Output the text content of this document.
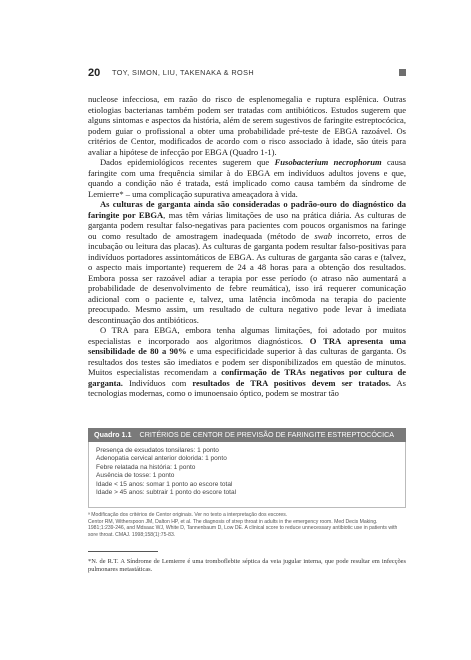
20 TOY, SIMON, LIU, TAKENAKA & ROSH

nucleose infecciosa, em razão do risco de esplenomegalia e ruptura esplênica. Outras etiologias bacterianas também podem ser tratadas com antibióticos. Estudos sugerem que alguns sintomas e aspectos da história, além de serem sugestivos de faringite estreptocócica, podem guiar o profissional a obter uma probabilidade pré-teste de EBGA razoável. Os critérios de Centor, modificados de acordo com o risco associado à idade, são úteis para avaliar a hipótese de infecção por EBGA (Quadro 1-1).

Dados epidemiológicos recentes sugerem que Fusobacterium necrophorum causa faringite com uma frequência similar à do EBGA em indivíduos adultos jovens e que, quando a condição não é tratada, está implicado como causa também da síndrome de Lemierre* – uma complicação supurativa ameaçadora à vida.

As culturas de garganta ainda são consideradas o padrão-ouro do diagnóstico da faringite por EBGA, mas têm várias limitações de uso na prática diária. As culturas de garganta podem resultar falso-negativas para pacientes com poucos organismos na faringe ou como resultado de amostragem inadequada (método de swab incorreto, erros de incubação ou leitura das placas). As culturas de garganta podem resultar falso-positivas para indivíduos portadores assintomáticos de EBGA. As culturas de garganta são caras e (talvez, o aspecto mais importante) requerem de 24 a 48 horas para a obtenção dos resultados. Embora possa ser razoável adiar a terapia por esse período (o atraso não aumentará a probabilidade de desenvolvimento de febre reumática), isso irá requerer comunicação adicional com o paciente e, talvez, uma latência incômoda na terapia do paciente preocupado. Mesmo assim, um resultado de cultura negativo pode levar à imediata descontinuação dos antibióticos.

O TRA para EBGA, embora tenha algumas limitações, foi adotado por muitos especialistas e incorporado aos algoritmos diagnósticos. O TRA apresenta uma sensibilidade de 80 a 90% e uma especificidade superior à das culturas de garganta. Os resultados dos testes são imediatos e podem ser disponibilizados em questão de minutos. Muitos especialistas recomendam a confirmação de TRAs negativos por cultura de garganta. Indivíduos com resultados de TRA positivos devem ser tratados. As tecnologias modernas, como o imunoensaio óptico, podem se mostrar tão

Quadro 1.1 CRITÉRIOS DE CENTOR DE PREVISÃO DE FARINGITE ESTREPTOCÓCICA
Presença de exsudatos tonsilares: 1 ponto
Adenopatia cervical anterior dolorida: 1 ponto
Febre relatada na história: 1 ponto
Ausência de tosse: 1 ponto
Idade < 15 anos: somar 1 ponto ao escore total
Idade > 45 anos: subtrair 1 ponto do escore total
ª Modificação dos critérios de Centor originais. Ver no texto a interpretação dos escores.
Centor RM, Witherspoon JM, Dalton HP, et al. The diagnosis of strep throat in adults in the emergency room. Med Decis Making. 1981;1:239-246, and Mdsaac WJ, White D, Tannenbaum D, Low DE. A clinical score to reduce unnecessary antibiotic use in patients with sore throat. CMAJ. 1998;158(1):75-83.
*N. de R.T. A Síndrome de Lemierre é uma tromboflebite séptica da veia jugular interna, que pode resultar em infecções pulmonares metastáticas.
